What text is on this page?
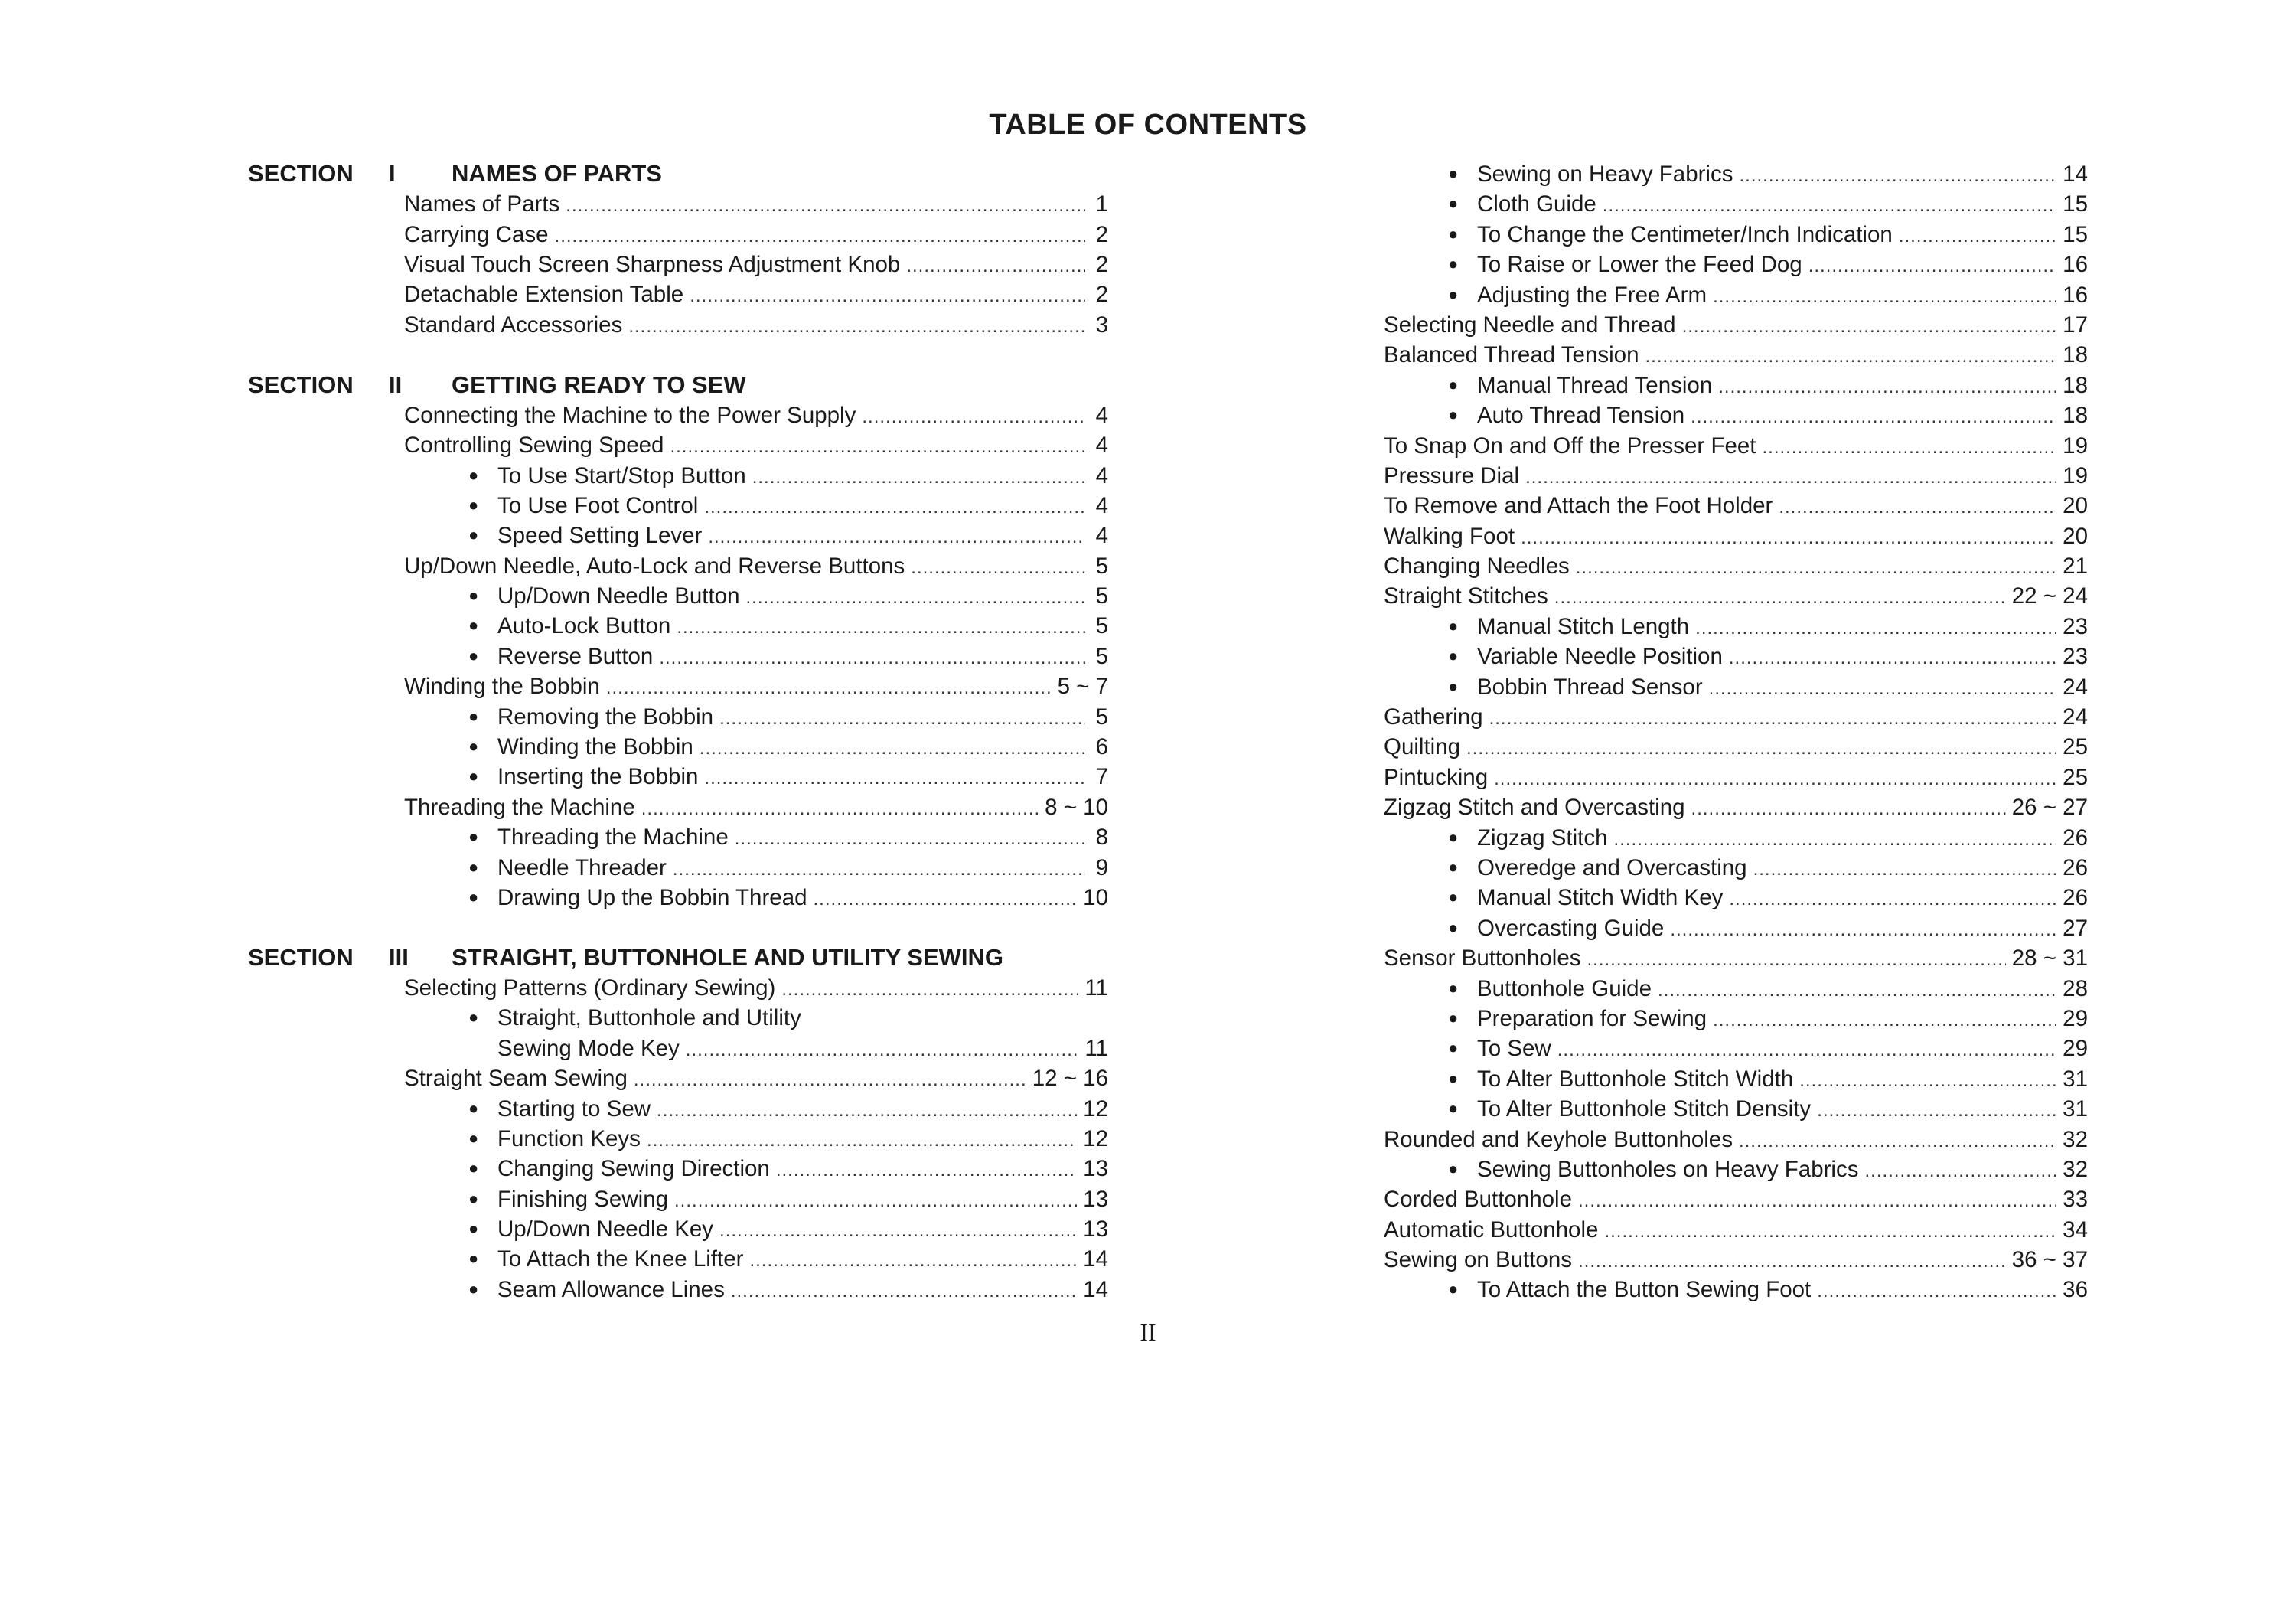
TABLE OF CONTENTS
SECTION I NAMES OF PARTS
Names of Parts .....	1
Carrying Case .....	2
Visual Touch Screen Sharpness Adjustment Knob .....	2
Detachable Extension Table .....	2
Standard Accessories .....	3
SECTION II GETTING READY TO SEW
Connecting the Machine to the Power Supply .....	4
Controlling Sewing Speed .....	4
● To Use Start/Stop Button .....	4
● To Use Foot Control .....	4
● Speed Setting Lever .....	4
Up/Down Needle, Auto-Lock and Reverse Buttons .....	5
● Up/Down Needle Button .....	5
● Auto-Lock Button .....	5
● Reverse Button .....	5
Winding the Bobbin .....	5 ~ 7
● Removing the Bobbin .....	5
● Winding the Bobbin .....	6
● Inserting the Bobbin .....	7
Threading the Machine .....	8 ~ 10
● Threading the Machine .....	8
● Needle Threader .....	9
● Drawing Up the Bobbin Thread .....	10
SECTION III STRAIGHT, BUTTONHOLE AND UTILITY SEWING
Selecting Patterns (Ordinary Sewing) .....	11
● Straight, Buttonhole and Utility
Sewing Mode Key .....	11
Straight Seam Sewing .....	12 ~ 16
● Starting to Sew .....	12
● Function Keys .....	12
● Changing Sewing Direction .....	13
● Finishing Sewing .....	13
● Up/Down Needle Key .....	13
● To Attach the Knee Lifter .....	14
● Seam Allowance Lines .....	14
● Sewing on Heavy Fabrics .....	14
● Cloth Guide .....	15
● To Change the Centimeter/Inch Indication .....	15
● To Raise or Lower the Feed Dog .....	16
● Adjusting the Free Arm .....	16
Selecting Needle and Thread .....	17
Balanced Thread Tension .....	18
● Manual Thread Tension .....	18
● Auto Thread Tension .....	18
To Snap On and Off the Presser Feet .....	19
Pressure Dial .....	19
To Remove and Attach the Foot Holder .....	20
Walking Foot .....	20
Changing Needles .....	21
Straight Stitches .....	22 ~ 24
● Manual Stitch Length .....	23
● Variable Needle Position .....	23
● Bobbin Thread Sensor .....	24
Gathering .....	24
Quilting .....	25
Pintucking .....	25
Zigzag Stitch and Overcasting .....	26 ~ 27
● Zigzag Stitch .....	26
● Overedge and Overcasting .....	26
● Manual Stitch Width Key .....	26
● Overcasting Guide .....	27
Sensor Buttonholes .....	28 ~ 31
● Buttonhole Guide .....	28
● Preparation for Sewing .....	29
● To Sew .....	29
● To Alter Buttonhole Stitch Width .....	31
● To Alter Buttonhole Stitch Density .....	31
Rounded and Keyhole Buttonholes .....	32
● Sewing Buttonholes on Heavy Fabrics .....	32
Corded Buttonhole .....	33
Automatic Buttonhole .....	34
Sewing on Buttons .....	36 ~ 37
● To Attach the Button Sewing Foot .....	36
II
